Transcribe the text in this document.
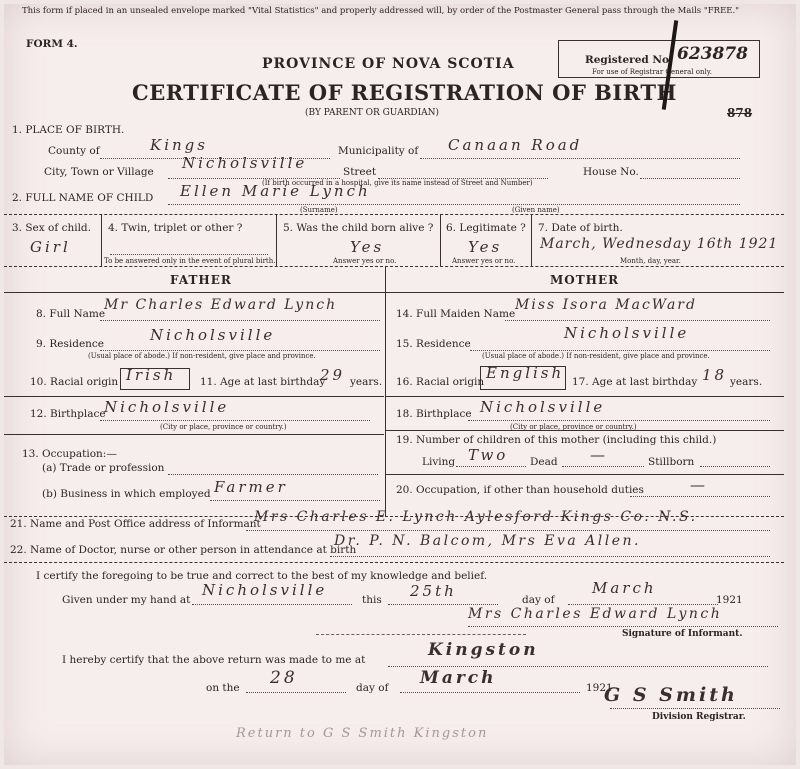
This form if placed in an unsealed envelope marked "Vital Statistics" and properly addressed will, by order of the Postmaster General pass through the Mails "FREE."
FORM 4.
PROVINCE OF NOVA SCOTIA
CERTIFICATE OF REGISTRATION OF BIRTH
(BY PARENT OR GUARDIAN)
Registered No. 623878
For use of Registrar General only.
878
1. PLACE OF BIRTH.
County of	Kings	Municipality of Canaan Road
City, Town or Village Nicholsville	Street	House No.
(If birth occurred in a hospital, give its name instead of Street and Number)
2. FULL NAME OF CHILD Ellen Marie Lynch
(Surname)	(Given name)
3. Sex of child.
Girl
4. Twin, triplet or other ?
To be answered only in the event of plural birth.
5. Was the child born alive ?
Yes
Answer yes or no.
6. Legitimate ?
Yes
Answer yes or no.
7. Date of birth.
March, Wednesday 16th 1921
Month, day, year.
FATHER	MOTHER
8. Full Name
Mr Charles Edward Lynch
9. Residence	Nicholsville
(Usual place of abode.) If non-resident, give place and province.
10. Racial origin Irish 11. Age at last birthday
29 years.
12. Birthplace
Nicholsville
(City or place, province or country.)
13. Occupation:—
(a) Trade or profession
(b) Business in which employed Farmer
14. Full Maiden Name
Miss Isora MacWard
15. Residence
Nicholsville
(Usual place of abode.) If non-resident, give place and province.
16. Racial origin English 17. Age at last birthday 18 years.
18. Birthplace Nicholsville
(City or place, province or country.)
19. Number of children of this mother (including this child.)
Living Two Dead —	Stillborn
20. Occupation, if other than household duties	—
21. Name and Post Office address of Informant
Mrs Charles E. Lynch Aylesford Kings Co. N.S.
22. Name of Doctor, nurse or other person in attendance at birth
Dr. P. N. Balcom, Mrs Eva Allen.
I certify the foregoing to be true and correct to the best of my knowledge and belief.
Given under my hand at
Nicholsville
this 25th	day of
March
1921
Mrs Charles Edward Lynch
Signature of Informant.
I hereby certify that the above return was made to me at	Kingston
on the 28	day of March	1921
G S Smith
Division Registrar.
Return to G S Smith Kingston
